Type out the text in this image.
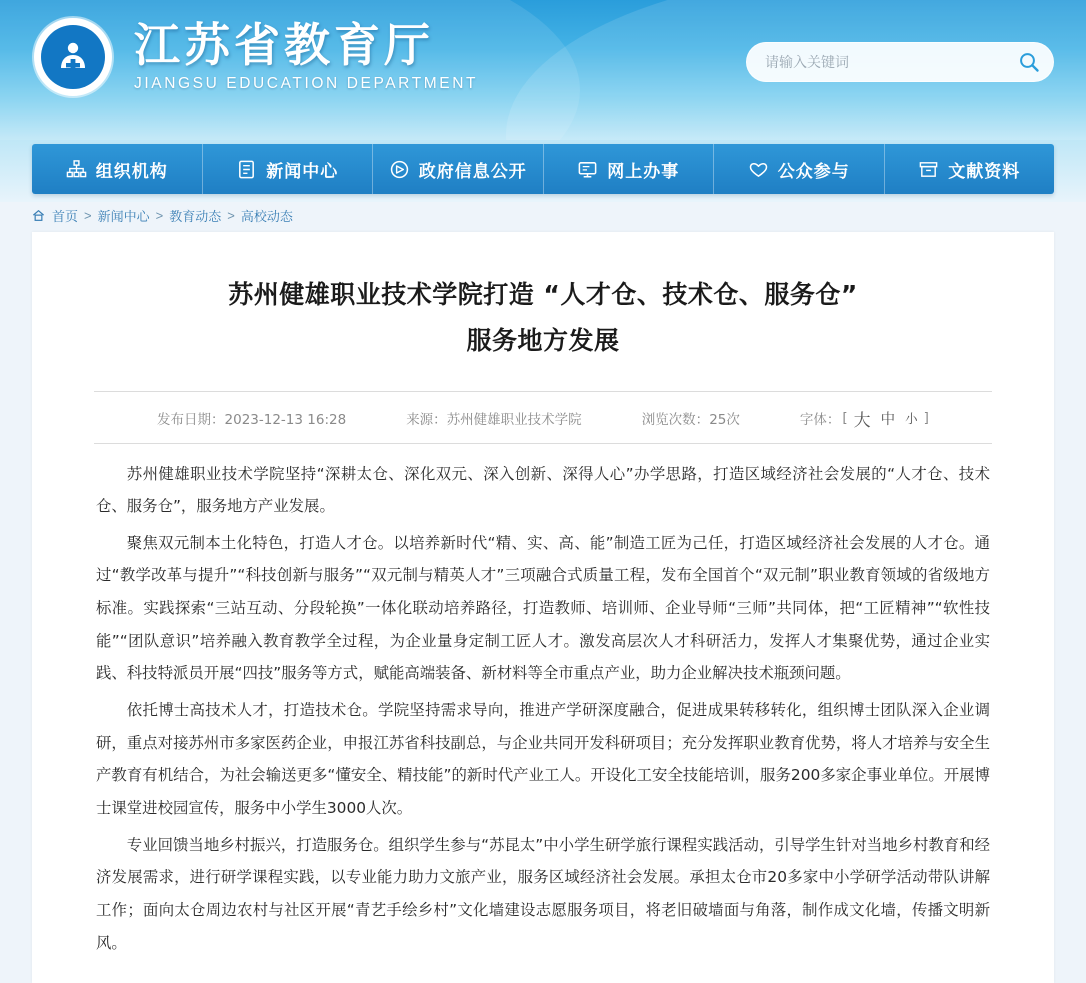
江苏省教育厅
JIANGSU EDUCATION DEPARTMENT
请输入关键词
组织机构	新闻中心	政府信息公开	网上办事	公众参与	文献资料
首页 > 新闻中心 > 教育动态 > 高校动态
苏州健雄职业技术学院打造 “人才仓、技术仓、服务仓”
服务地方发展
发布日期：2023-12-13 16:28	来源：苏州健雄职业技术学院	浏览次数：25次	字体： [ 大 中 小 ]

苏州健雄职业技术学院坚持“深耕太仓、深化双元、深入创新、深得人心”办学思路，打造区域经济社会发展的“人才仓、技术仓、服务仓”，服务地方产业发展。

聚焦双元制本土化特色，打造人才仓。以培养新时代“精、实、高、能”制造工匠为己任，打造区域经济社会发展的人才仓。通过“教学改革与提升”“科技创新与服务”“双元制与精英人才”三项融合式质量工程，发布全国首个“双元制”职业教育领域的省级地方标准。实践探索“三站互动、分段轮换”一体化联动培养路径，打造教师、培训师、企业导师“三师”共同体，把“工匠精神”“软性技能”“团队意识”培养融入教育教学全过程，为企业量身定制工匠人才。激发高层次人才科研活力，发挥人才集聚优势，通过企业实践、科技特派员开展“四技”服务等方式，赋能高端装备、新材料等全市重点产业，助力企业解决技术瓶颈问题。

依托博士高技术人才，打造技术仓。学院坚持需求导向，推进产学研深度融合，促进成果转移转化，组织博士团队深入企业调研，重点对接苏州市多家医药企业，申报江苏省科技副总，与企业共同开发科研项目；充分发挥职业教育优势，将人才培养与安全生产教育有机结合，为社会输送更多“懂安全、精技能”的新时代产业工人。开设化工安全技能培训，服务200多家企事业单位。开展博士课堂进校园宣传，服务中小学生3000人次。

专业回馈当地乡村振兴，打造服务仓。组织学生参与“苏昆太”中小学生研学旅行课程实践活动，引导学生针对当地乡村教育和经济发展需求，进行研学课程实践，以专业能力助力文旅产业，服务区域经济社会发展。承担太仓市20多家中小学研学活动带队讲解工作；面向太仓周边农村与社区开展“青艺手绘乡村”文化墙建设志愿服务项目，将老旧破墙面与角落，制作成文化墙，传播文明新风。
